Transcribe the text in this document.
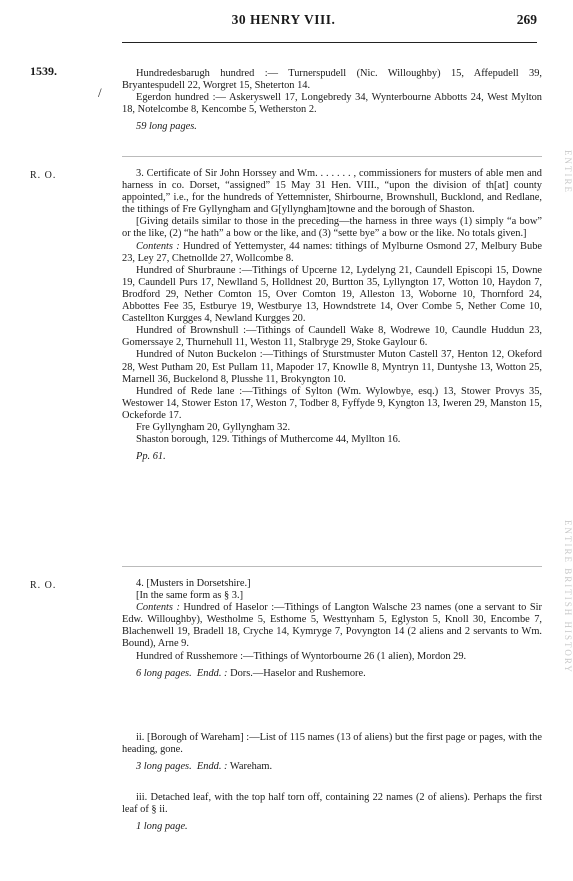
30 HENRY VIII.	269
1539.
/

Hundredesbarugh hundred :— Turnerspudell (Nic. Willoughby) 15, Affepudell 39, Bryantespudell 22, Worgret 15, Sheterton 14.

Egerdon hundred :— Askeryswell 17, Longebredy 34, Wynterbourne Abbotts 24, West Mylton 18, Notelcombe 8, Kencombe 5, Wetherston 2.

59 long pages.

R. O.	3. Certificate of Sir John Horssey and Wm. . . . . . . , commissioners for musters of able men and harness in co. Dorset, “assigned” 15 May 31 Hen. VIII., “upon the division of th[at] county appointed,” i.e., for the hundreds of Yettemnister, Shirbourne, Brownshull, Bucklond, and Redlane, the tithings of Fre Gyllyngham and G[yllyngham]towne and the borough of Shaston.

[Giving details similar to those in the preceding—the harness in three ways (1) simply “a bow” or the like, (2) “he hath” a bow or the like, and (3) “sette bye” a bow or the like. No totals given.]

Contents : Hundred of Yettemyster, 44 names: tithings of Mylburne Osmond 27, Melbury Bube 23, Ley 27, Chetnollde 27, Wollcombe 8.

Hundred of Shurbraune :—Tithings of Upcerne 12, Lydelyng 21, Caundell Episcopi 15, Downe 19, Caundell Purs 17, Newlland 5, Holldnest 20, Burtton 35, Lyllyngton 17, Wotton 10, Haydon 7, Brodford 29, Nether Comton 15, Over Comton 19, Alleston 13, Woborne 10, Thornford 24, Abbottes Fee 35, Estburye 19, Westburye 13, Howndstrete 14, Over Combe 5, Nether Come 10, Castellton Kurgges 4, Newland Kurgges 20.

Hundred of Brownshull :—Tithings of Caundell Wake 8, Wodrewe 10, Caundle Huddun 23, Gomerssaye 2, Thurnehull 11, Weston 11, Stalbryge 29, Stoke Gaylour 6.

Hundred of Nuton Buckelon :—Tithings of Sturstmuster Muton Castell 37, Henton 12, Okeford 28, West Putham 20, Est Pullam 11, Mapoder 17, Knowlle 8, Myntryn 11, Duntyshe 13, Wotton 25, Marnell 36, Buckelond 8, Plusshe 11, Brokyngton 10.

Hundred of Rede lane :—Tithings of Sylton (Wm. Wylowbye, esq.) 13, Stower Provys 35, Westower 14, Stower Eston 17, Weston 7, Todber 8, Fyffyde 9, Kyngton 13, Iweren 29, Manston 15, Ockeforde 17.

Fre Gyllyngham 20, Gyllyngham 32.

Shaston borough, 129. Tithings of Muthercome 44, Myllton 16.

Pp. 61.

R. O.	4. [Musters in Dorsetshire.]

[In the same form as § 3.]

Contents : Hundred of Haselor :—Tithings of Langton Walsche 23 names (one a servant to Sir Edw. Willoughby), Westholme 5, Esthome 5, Westtynham 5, Eglyston 5, Knoll 30, Encombe 7, Blachenwell 19, Bradell 18, Cryche 14, Kymryge 7, Povyngton 14 (2 aliens and 2 servants to Wm. Bound), Arne 9.

Hundred of Russhemore :—Tithings of Wyntorbourne 26 (1 alien), Mordon 29.

6 long pages. Endd. : Dors.—Haselor and Rushemore.

ii. [Borough of Wareham] :—List of 115 names (13 of aliens) but the first page or pages, with the heading, gone.

3 long pages. Endd. : Wareham.

iii. Detached leaf, with the top half torn off, containing 22 names (2 of aliens). Perhaps the first leaf of § ii.

1 long page.

ENTIRE
ENTIRE BRITISH HISTORY
